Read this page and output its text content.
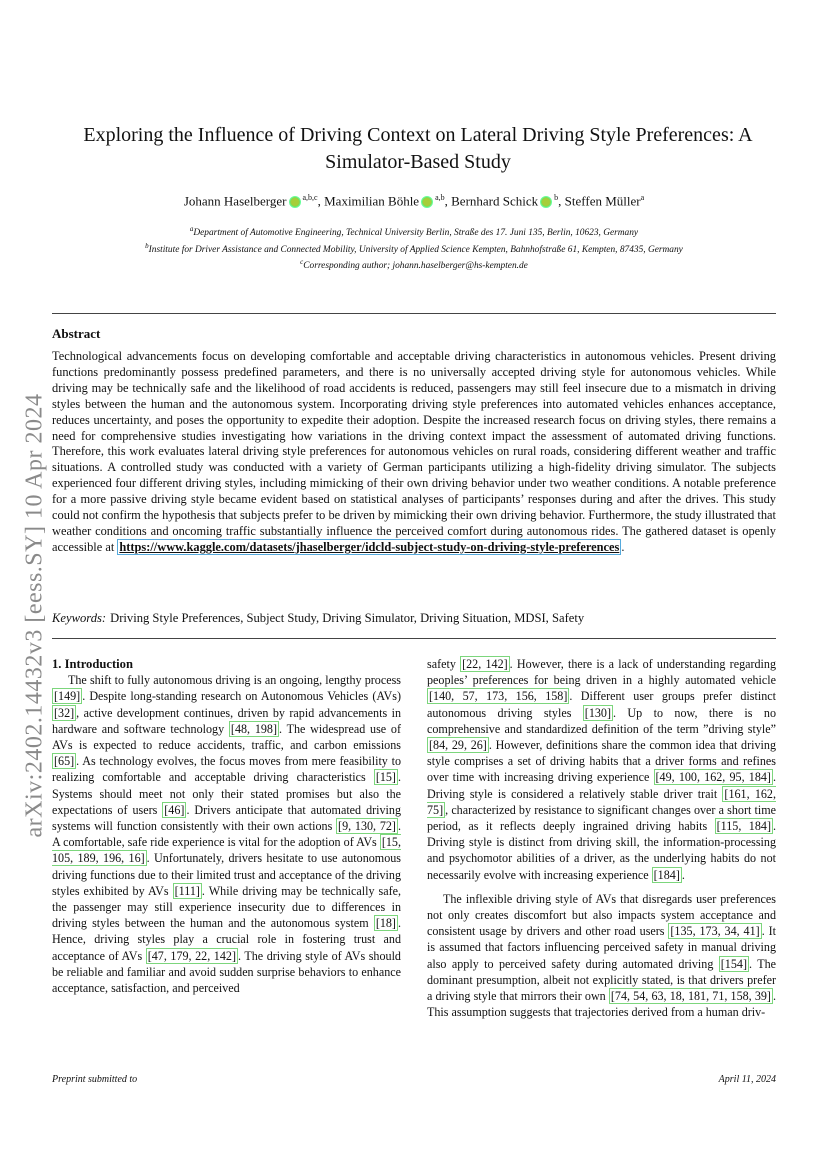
arXiv:2402.14432v3 [eess.SY] 10 Apr 2024
Exploring the Influence of Driving Context on Lateral Driving Style Preferences: A Simulator-Based Study
Johann Haselberger $^{a,b,c}$, Maximilian Böhle $^{a,b}$, Bernhard Schick $^b$, Steffen Müller$^a$
$^a$Department of Automotive Engineering, Technical University Berlin, Straße des 17. Juni 135, Berlin, 10623, Germany
$^b$Institute for Driver Assistance and Connected Mobility, University of Applied Science Kempten, Bahnhofstraße 61, Kempten, 87435, Germany
$^c$Corresponding author; johann.haselberger@hs-kempten.de
Abstract

Technological advancements focus on developing comfortable and acceptable driving characteristics in autonomous vehicles. Present driving functions predominantly possess predefined parameters, and there is no universally accepted driving style for autonomous vehicles. While driving may be technically safe and the likelihood of road accidents is reduced, passengers may still feel insecure due to a mismatch in driving styles between the human and the autonomous system. Incorporating driving style preferences into automated vehicles enhances acceptance, reduces uncertainty, and poses the opportunity to expedite their adoption. Despite the increased research focus on driving styles, there remains a need for comprehensive studies investigating how variations in the driving context impact the assessment of automated driving functions. Therefore, this work evaluates lateral driving style preferences for autonomous vehicles on rural roads, considering different weather and traffic situations. A controlled study was conducted with a variety of German participants utilizing a high-fidelity driving simulator. The subjects experienced four different driving styles, including mimicking of their own driving behavior under two weather conditions. A notable preference for a more passive driving style became evident based on statistical analyses of participants’ responses during and after the drives. This study could not confirm the hypothesis that subjects prefer to be driven by mimicking their own driving behavior. Furthermore, the study illustrated that weather conditions and oncoming traffic substantially influence the perceived comfort during autonomous rides. The gathered dataset is openly accessible at https://www.kaggle.com/datasets/jhaselberger/idcld-subject-study-on-driving-style-preferences .

Keywords: Driving Style Preferences, Subject Study, Driving Simulator, Driving Situation, MDSI, Safety

1. Introduction

The shift to fully autonomous driving is an ongoing, lengthy process [149] . Despite long-standing research on Autonomous Vehicles (AVs) [32] , active development continues, driven by rapid advancements in hardware and software technology [48, 198] . The widespread use of AVs is expected to reduce accidents, traffic, and carbon emissions [65] . As technology evolves, the focus moves from mere feasibility to realizing comfortable and acceptable driving characteristics [15] . Systems should meet not only their stated promises but also the expectations of users [46] . Drivers anticipate that automated driving systems will function consistently with their own actions [9, 130, 72] . A comfortable, safe ride experience is vital for the adoption of AVs [15, 105, 189, 196, 16] . Unfortunately, drivers hesitate to use autonomous driving functions due to their limited trust and acceptance of the driving styles exhibited by AVs [111] . While driving may be technically safe, the passenger may still experience insecurity due to differences in driving styles between the human and the autonomous system [18] . Hence, driving styles play a crucial role in fostering trust and acceptance of AVs [47, 179, 22, 142] . The driving style of AVs should be reliable and familiar and avoid sudden surprise behaviors to enhance acceptance, satisfaction, and perceived

safety [22, 142] . However, there is a lack of understanding regarding peoples’ preferences for being driven in a highly automated vehicle [140, 57, 173, 156, 158] . Different user groups prefer distinct autonomous driving styles [130] . Up to now, there is no comprehensive and standardized definition of the term ”driving style” [84, 29, 26] . However, definitions share the common idea that driving style comprises a set of driving habits that a driver forms and refines over time with increasing driving experience [49, 100, 162, 95, 184] . Driving style is considered a relatively stable driver trait [161, 162, 75] , characterized by resistance to significant changes over a short time period, as it reflects deeply ingrained driving habits [115, 184] . Driving style is distinct from driving skill, the information-processing and psychomotor abilities of a driver, as the underlying habits do not necessarily evolve with increasing experience [184] .

The inflexible driving style of AVs that disregards user preferences not only creates discomfort but also impacts system acceptance and consistent usage by drivers and other road users [135, 173, 34, 41] . It is assumed that factors influencing perceived safety in manual driving also apply to perceived safety during automated driving [154] . The dominant presumption, albeit not explicitly stated, is that drivers prefer a driving style that mirrors their own [74, 54, 63, 18, 181, 71, 158, 39] . This assumption suggests that trajectories derived from a human driv-

Preprint submitted to	April 11, 2024
